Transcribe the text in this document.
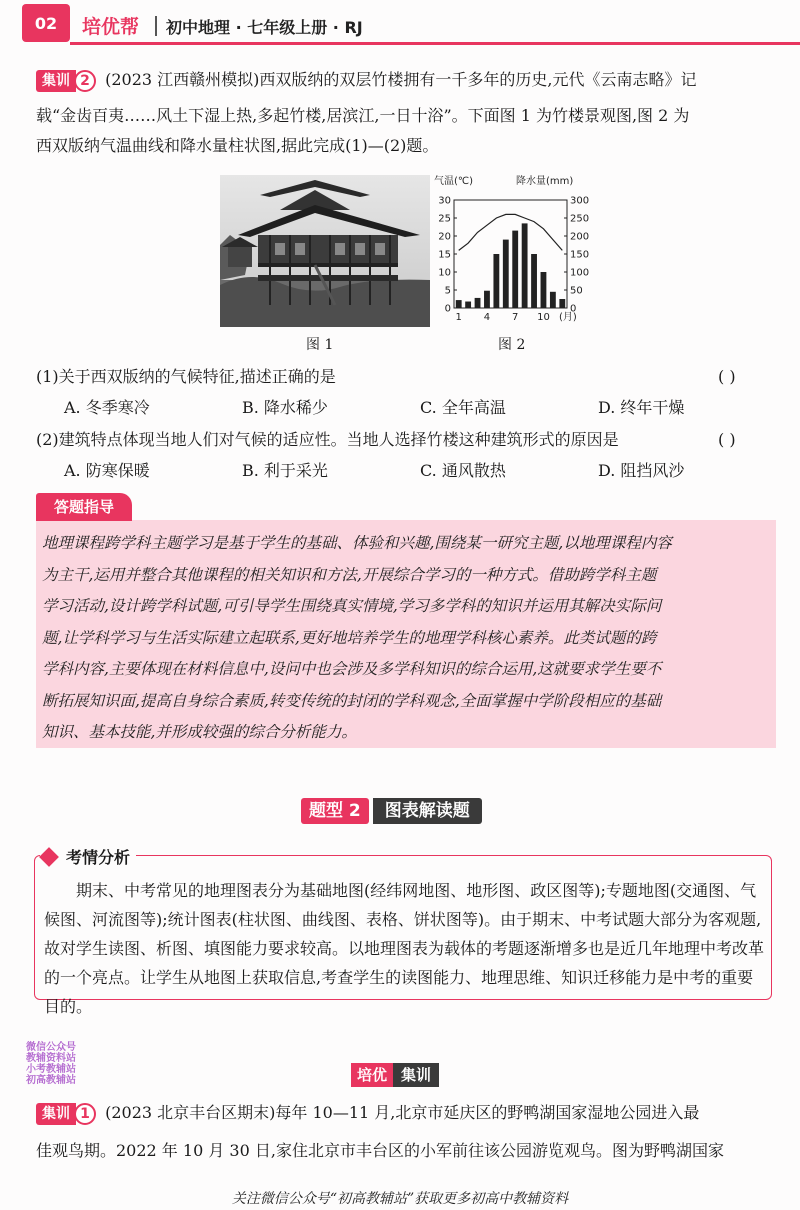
02	培优帮 初中地理 · 七年级上册 · RJ
集训 2 (2023 江西赣州模拟)西双版纳的双层竹楼拥有一千多年的历史,元代《云南志略》记
载“金齿百夷……风土下湿上热,多起竹楼,居滨江,一日十浴”。下面图 1 为竹楼景观图,图 2 为
西双版纳气温曲线和降水量柱状图,据此完成(1)—(2)题。
图 1
气温(℃)	降水量(mm)
30	300
25	250
20	200
15	150
10	100
5	50
0	0
1 4 7 10 (月)
图 2
(1)关于西双版纳的气候特征,描述正确的是	( )
A. 冬季寒冷	B. 降水稀少	C. 全年高温	D. 终年干燥
(2)建筑特点体现当地人们对气候的适应性。当地人选择竹楼这种建筑形式的原因是	( )
A. 防寒保暖	B. 利于采光	C. 通风散热	D. 阻挡风沙
答题指导
地理课程跨学科主题学习是基于学生的基础、体验和兴趣,围绕某一研究主题,以地理课程内容
为主干,运用并整合其他课程的相关知识和方法,开展综合学习的一种方式。借助跨学科主题
学习活动,设计跨学科试题,可引导学生围绕真实情境,学习多学科的知识并运用其解决实际问
题,让学科学习与生活实际建立起联系,更好地培养学生的地理学科核心素养。此类试题的跨
学科内容,主要体现在材料信息中,设问中也会涉及多学科知识的综合运用,这就要求学生要不
断拓展知识面,提高自身综合素质,转变传统的封闭的学科观念,全面掌握中学阶段相应的基础
知识、基本技能,并形成较强的综合分析能力。
题型 2	图表解读题
考情分析
期末、中考常见的地理图表分为基础地图(经纬网地图、地形图、政区图等);专题地图(交通图、气候图、河流图等);统计图表(柱状图、曲线图、表格、饼状图等)。由于期末、中考试题大部分为客观题,故对学生读图、析图、填图能力要求较高。以地理图表为载体的考题逐渐增多也是近几年地理中考改革的一个亮点。让学生从地图上获取信息,考查学生的读图能力、地理思维、知识迁移能力是中考的重要目的。
微信公众号
教辅资料站
小考教辅站
初高教辅站	培优 集训
集训 1 (2023 北京丰台区期末)每年 10—11 月,北京市延庆区的野鸭湖国家湿地公园进入最
佳观鸟期。2022 年 10 月 30 日,家住北京市丰台区的小军前往该公园游览观鸟。图为野鸭湖国家
关注微信公众号“初高教辅站”获取更多初高中教辅资料
